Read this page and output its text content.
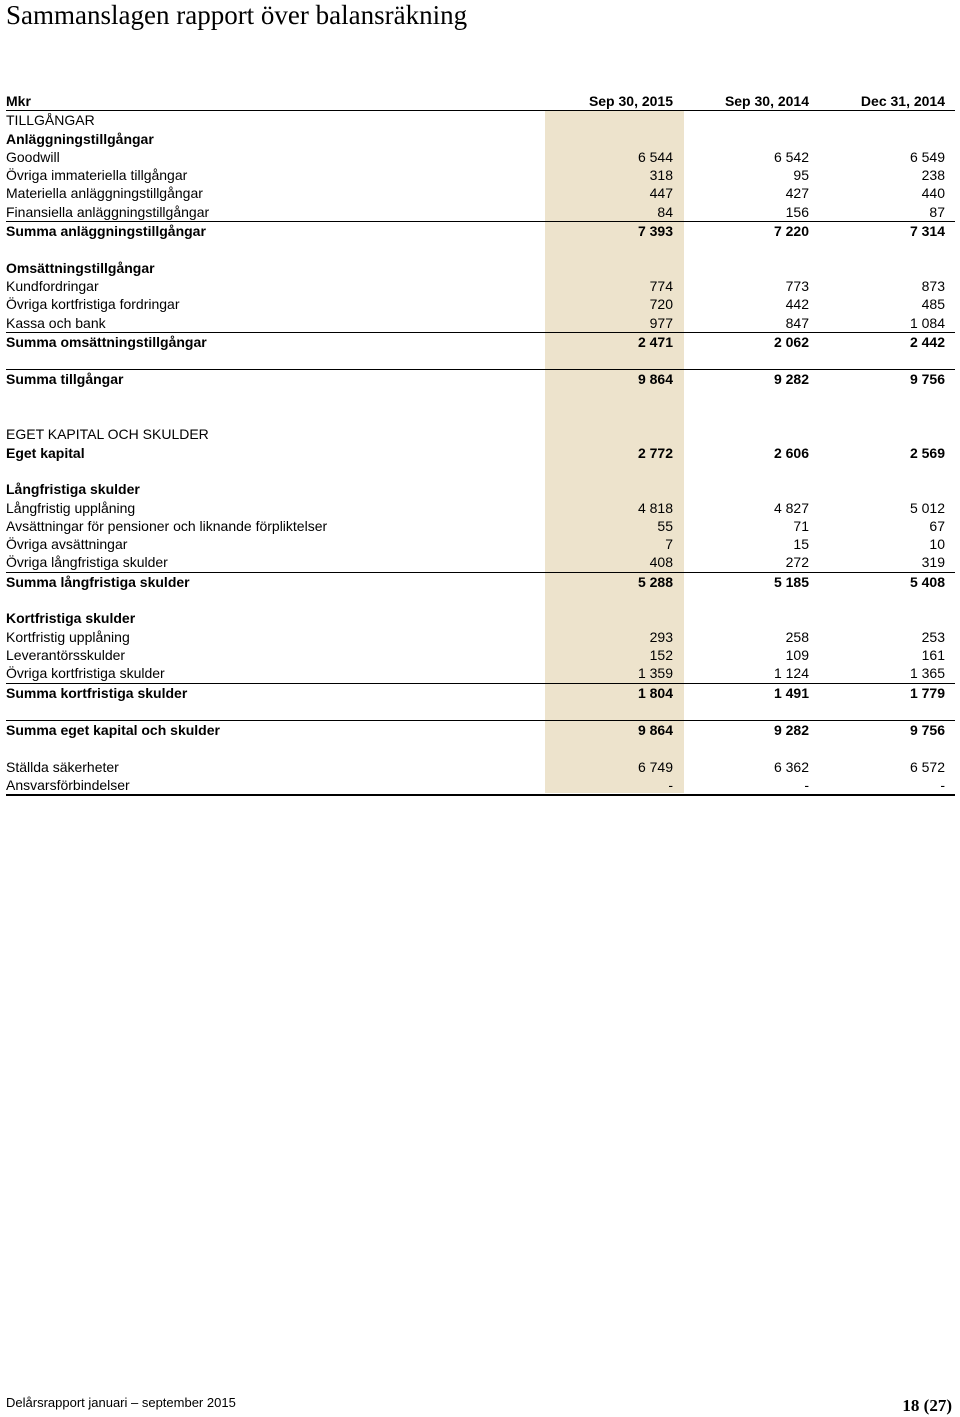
Sammanslagen rapport över balansräkning
Mkr	Sep 30, 2015	Sep 30, 2014	Dec 31, 2014
TILLGÅNGAR			
Anläggningstillgångar			
Goodwill	6 544	6 542	6 549
Övriga immateriella tillgångar	318	95	238
Materiella anläggningstillgångar	447	427	440
Finansiella anläggningstillgångar	84	156	87
Summa anläggningstillgångar	7 393	7 220	7 314

Omsättningstillgångar			
Kundfordringar	774	773	873
Övriga kortfristiga fordringar	720	442	485
Kassa och bank	977	847	1 084
Summa omsättningstillgångar	2 471	2 062	2 442

Summa tillgångar	9 864	9 282	9 756

EGET KAPITAL OCH SKULDER			
Eget kapital	2 772	2 606	2 569

Långfristiga skulder			
Långfristig upplåning	4 818	4 827	5 012
Avsättningar för pensioner och liknande förpliktelser	55	71	67
Övriga avsättningar	7	15	10
Övriga långfristiga skulder	408	272	319
Summa långfristiga skulder	5 288	5 185	5 408

Kortfristiga skulder			
Kortfristig upplåning	293	258	253
Leverantörsskulder	152	109	161
Övriga kortfristiga skulder	1 359	1 124	1 365
Summa kortfristiga skulder	1 804	1 491	1 779

Summa eget kapital och skulder	9 864	9 282	9 756

Ställda säkerheter	6 749	6 362	6 572
Ansvarsförbindelser	-	-	-
Delårsrapport januari – september 2015	18 (27)
